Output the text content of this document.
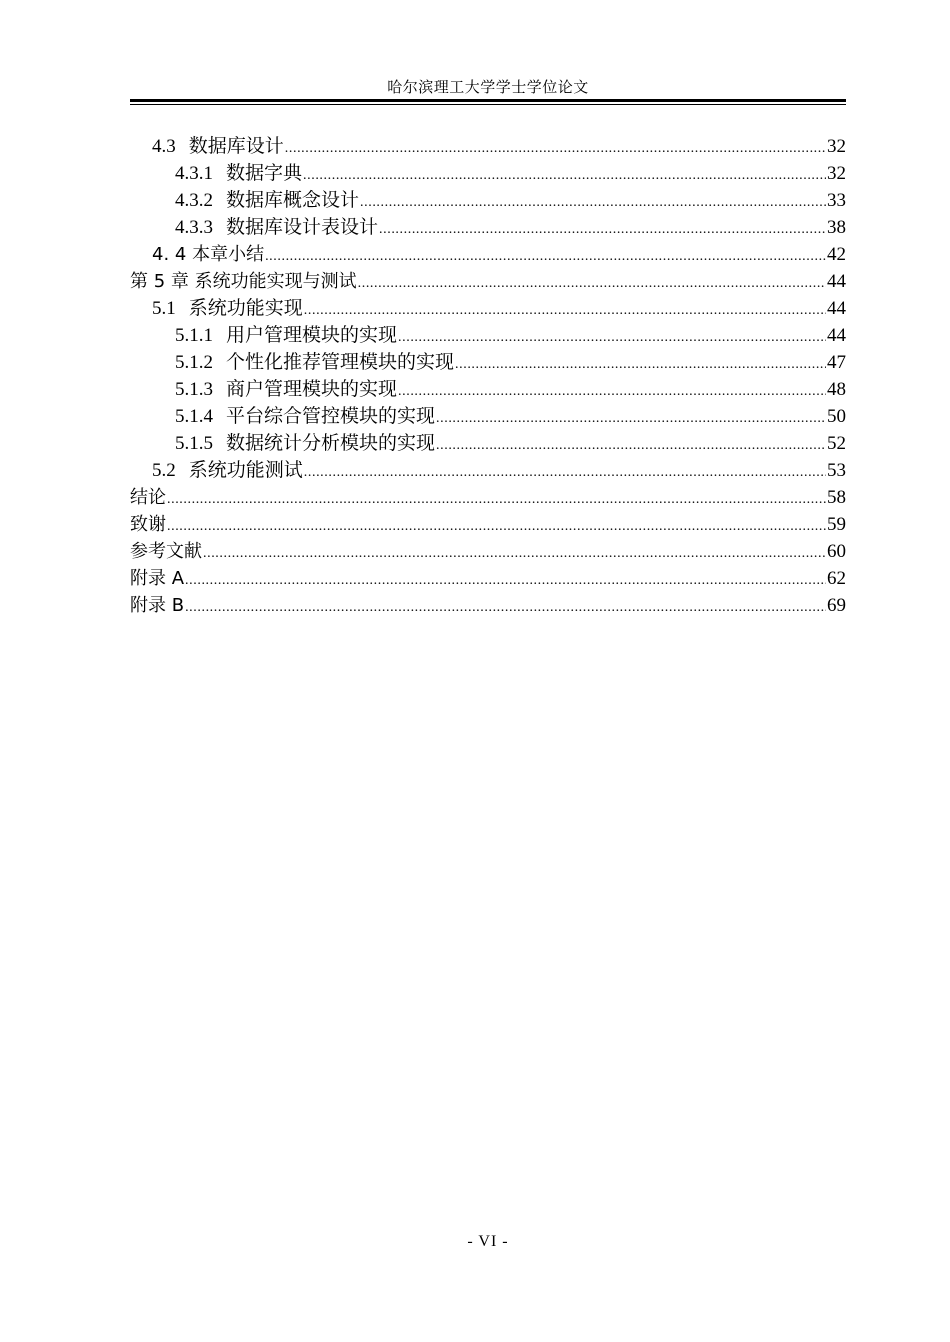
哈尔滨理工大学学士学位论文
4.3 数据库设计 .....	32
4.3.1 数据字典 .....	32
4.3.2 数据库概念设计 .....	33
4.3.3 数据库设计表设计 .....	38
4. 4 本章小结 .....	42
第 5 章 系统功能实现与测试 .....	44
5.1 系统功能实现 .....	44
5.1.1 用户管理模块的实现 .....	44
5.1.2 个性化推荐管理模块的实现 .....	47
5.1.3 商户管理模块的实现 .....	48
5.1.4 平台综合管控模块的实现 .....	50
5.1.5 数据统计分析模块的实现 .....	52
5.2 系统功能测试 .....	53
结论 .....	58
致谢 .....	59
参考文献 .....	60
附录 A .....	62
附录 B .....	69
- VI -
